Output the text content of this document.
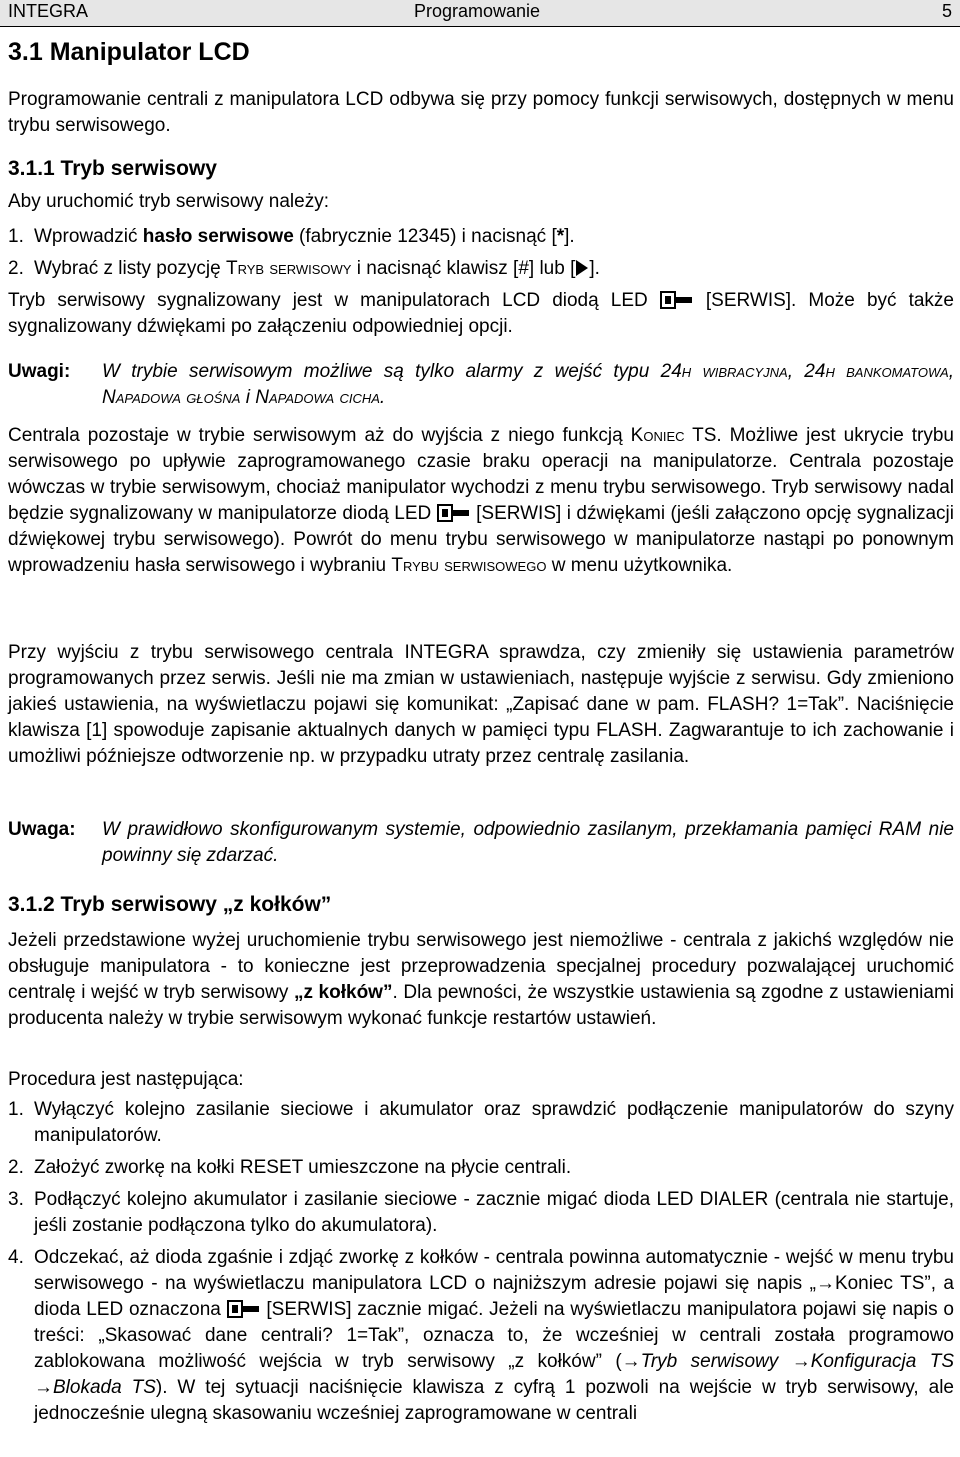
INTEGRA	Programowanie	5
3.1 Manipulator LCD
Programowanie centrali z manipulatora LCD odbywa się przy pomocy funkcji serwisowych, dostępnych w menu trybu serwisowego.
3.1.1 Tryb serwisowy
Aby uruchomić tryb serwisowy należy:
1. Wprowadzić hasło serwisowe (fabrycznie 12345) i nacisnąć [*].
2. Wybrać z listy pozycję Tryb serwisowy i nacisnąć klawisz [#] lub [ ].
Tryb serwisowy sygnalizowany jest w manipulatorach LCD diodą LED
[SERWIS]. Może być także sygnalizowany dźwiękami po załączeniu odpowiedniej opcji.
Uwagi: W trybie serwisowym możliwe są tylko alarmy z wejść typu 24h wibracyjna, 24h bankomatowa, Napadowa głośna i Napadowa cicha.
Centrala pozostaje w trybie serwisowym aż do wyjścia z niego funkcją Koniec TS. Możliwe jest ukrycie trybu serwisowego po upływie zaprogramowanego czasie braku operacji na manipulatorze. Centrala pozostaje wówczas w trybie serwisowym, chociaż manipulator wychodzi z menu trybu serwisowego. Tryb serwisowy nadal będzie sygnalizowany w manipulatorze diodą LED
[SERWIS] i dźwiękami (jeśli załączono opcję sygnalizacji dźwiękowej trybu serwisowego). Powrót do menu trybu serwisowego w manipulatorze nastąpi po ponownym wprowadzeniu hasła serwisowego i wybraniu Trybu serwisowego w menu użytkownika.
Przy wyjściu z trybu serwisowego centrala INTEGRA sprawdza, czy zmieniły się ustawienia parametrów programowanych przez serwis. Jeśli nie ma zmian w ustawieniach, następuje wyjście z serwisu. Gdy zmieniono jakieś ustawienia, na wyświetlaczu pojawi się komunikat: „Zapisać dane w pam. FLASH? 1=Tak”. Naciśnięcie klawisza [1] spowoduje zapisanie aktualnych danych w pamięci typu FLASH. Zagwarantuje to ich zachowanie i umożliwi późniejsze odtworzenie np. w przypadku utraty przez centralę zasilania.
Uwaga: W prawidłowo skonfigurowanym systemie, odpowiednio zasilanym, przekłamania pamięci RAM nie powinny się zdarzać.
3.1.2 Tryb serwisowy „z kołków”
Jeżeli przedstawione wyżej uruchomienie trybu serwisowego jest niemożliwe - centrala z jakichś względów nie obsługuje manipulatora - to konieczne jest przeprowadzenia specjalnej procedury pozwalającej uruchomić centralę i wejść w tryb serwisowy „z kołków”. Dla pewności, że wszystkie ustawienia są zgodne z ustawieniami producenta należy w trybie serwisowym wykonać funkcje restartów ustawień.
Procedura jest następująca:
1. Wyłączyć kolejno zasilanie sieciowe i akumulator oraz sprawdzić podłączenie manipulatorów do szyny manipulatorów.
2. Założyć zworkę na kołki RESET umieszczone na płycie centrali.
3. Podłączyć kolejno akumulator i zasilanie sieciowe - zacznie migać dioda LED DIALER (centrala nie startuje, jeśli zostanie podłączona tylko do akumulatora).
4. Odczekać, aż dioda zgaśnie i zdjąć zworkę z kołków - centrala powinna automatycznie - wejść w menu trybu serwisowego - na wyświetlaczu manipulatora LCD o najniższym adresie pojawi się napis „→Koniec TS”, a dioda LED oznaczona
[SERWIS] zacznie migać. Jeżeli na wyświetlaczu manipulatora pojawi się napis o treści: „Skasować dane centrali? 1=Tak”, oznacza to, że wcześniej w centrali została programowo zablokowana możliwość wejścia w tryb serwisowy „z kołków” (→Tryb serwisowy →Konfiguracja TS →Blokada TS). W tej sytuacji naciśnięcie klawisza z cyfrą 1 pozwoli na wejście w tryb serwisowy, ale jednocześnie ulegną skasowaniu wcześniej zaprogramowane w centrali
